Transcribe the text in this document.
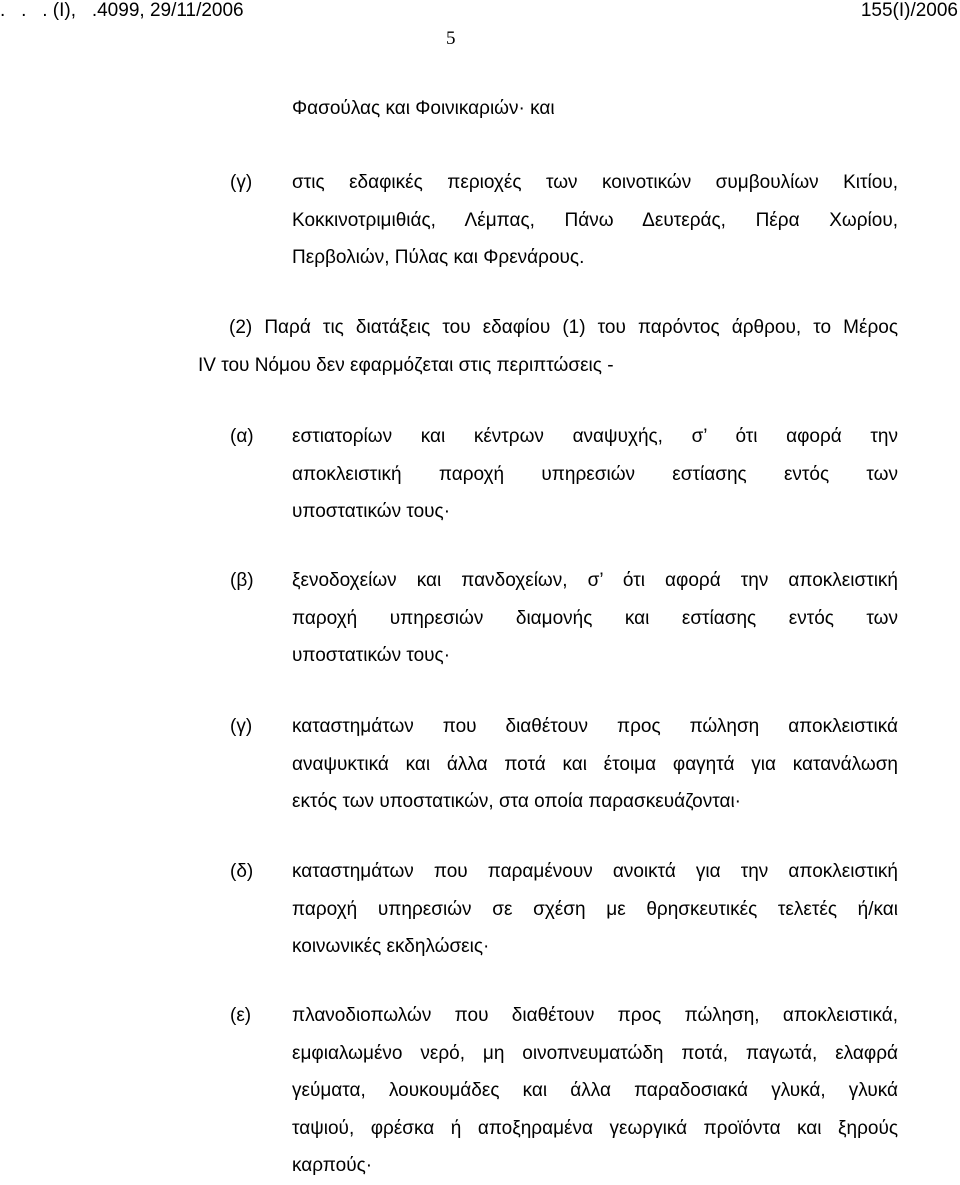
.   .   . (Ι),   .4099, 29/11/2006	155(Ι)/2006
5
Φασούλας και Φοινικαριών· και
(γ)	στις εδαφικές περιοχές των κοινοτικών συμβουλίων Κιτίου,
Κοκκινοτριμιθιάς, Λέμπας, Πάνω Δευτεράς, Πέρα Χωρίου,
Περβολιών, Πύλας και Φρενάρους.
(2) Παρά τις διατάξεις του εδαφίου (1) του παρόντος άρθρου, το Μέρος
IV του Νόμου δεν εφαρμόζεται στις περιπτώσεις -
(α)	εστιατορίων και κέντρων αναψυχής, σ’ ότι αφορά την
αποκλειστική παροχή υπηρεσιών εστίασης εντός των
υποστατικών τους·
(β)	ξενοδοχείων και πανδοχείων, σ’ ότι αφορά την αποκλειστική
παροχή υπηρεσιών διαμονής και εστίασης εντός των
υποστατικών τους·
(γ)	καταστημάτων που διαθέτουν προς πώληση αποκλειστικά
αναψυκτικά και άλλα ποτά και έτοιμα φαγητά για κατανάλωση
εκτός των υποστατικών, στα οποία παρασκευάζονται·
(δ)	καταστημάτων που παραμένουν ανοικτά για την αποκλειστική
παροχή υπηρεσιών σε σχέση με θρησκευτικές τελετές ή/και
κοινωνικές εκδηλώσεις·
(ε)	πλανοδιοπωλών που διαθέτουν προς πώληση, αποκλειστικά,
εμφιαλωμένο νερό, μη οινοπνευματώδη ποτά, παγωτά, ελαφρά
γεύματα, λουκουμάδες και άλλα παραδοσιακά γλυκά, γλυκά
ταψιού, φρέσκα ή αποξηραμένα γεωργικά προϊόντα και ξηρούς
καρπούς·
